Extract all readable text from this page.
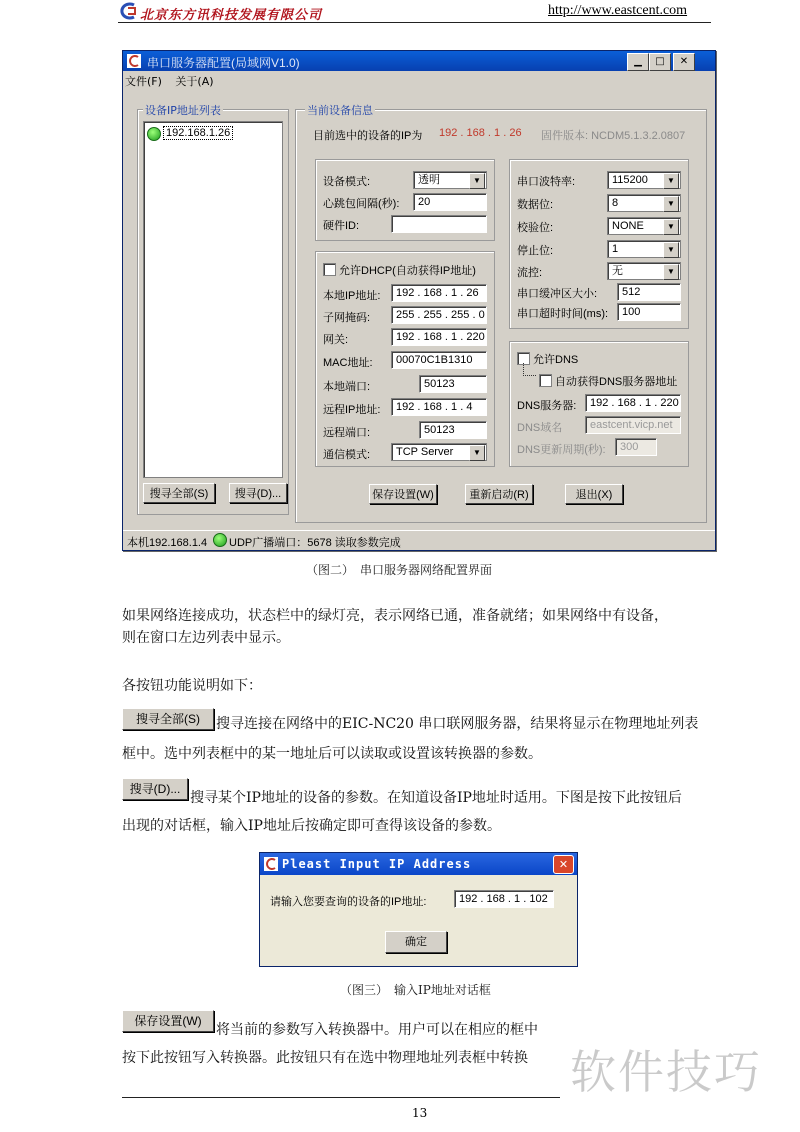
北京东方讯科技发展有限公司	http://www.eastcent.com
串口服务器配置(局域网V1.0)	▁	□	✕
文件(F) 关于(A)
设备IP地址列表
192.168.1.26
搜寻全部(S)	搜寻(D)...
当前设备信息
目前选中的设备的IP为 192 . 168 . 1 . 26 固件版本: NCDM5.1.3.2.0807
设备模式:	透明	▼
心跳包间隔(秒):	20
硬件ID:
允许DHCP(自动获得IP地址)
本地IP地址:	192 . 168 . 1 . 26
子网掩码:	255 . 255 . 255 . 0
网关:	192 . 168 . 1 . 220
MAC地址:	00070C1B1310
本地端口:	50123
远程IP地址:	192 . 168 . 1 . 4
远程端口:	50123
通信模式:	TCP Server	▼
串口波特率:	115200	▼
数据位:	8	▼
校验位:	NONE	▼
停止位:	1	▼
流控:	无	▼
串口缓冲区大小:	512
串口超时时间(ms):	100
允许DNS
自动获得DNS服务器地址
DNS服务器:	192 . 168 . 1 . 220
DNS域名	eastcent.vicp.net
DNS更新周期(秒):	300
保存设置(W)	重新启动(R)	退出(X)
本机192.168.1.4 UDP广播端口：5678 读取参数完成
（图二）　串口服务器网络配置界面
如果网络连接成功，状态栏中的绿灯亮，表示网络已通，准备就绪；如果网络中有设备，
则在窗口左边列表中显示。
各按钮功能说明如下：
搜寻全部(S)	搜寻连接在网络中的EIC-NC20 串口联网服务器，结果将显示在物理地址列表
框中。选中列表框中的某一地址后可以读取或设置该转换器的参数。
搜寻(D)...
搜寻某个IP地址的设备的参数。在知道设备IP地址时适用。下图是按下此按钮后
出现的对话框，输入IP地址后按确定即可查得该设备的参数。
Pleast Input IP Address	✕
请输入您要查询的设备的IP地址:	192 . 168 . 1 . 102
确定
（图三）　输入IP地址对话框
保存设置(W)
将当前的参数写入转换器中。用户可以在相应的框中
按下此按钮写入转换器。此按钮只有在选中物理地址列表框中转换 软件技巧
13
